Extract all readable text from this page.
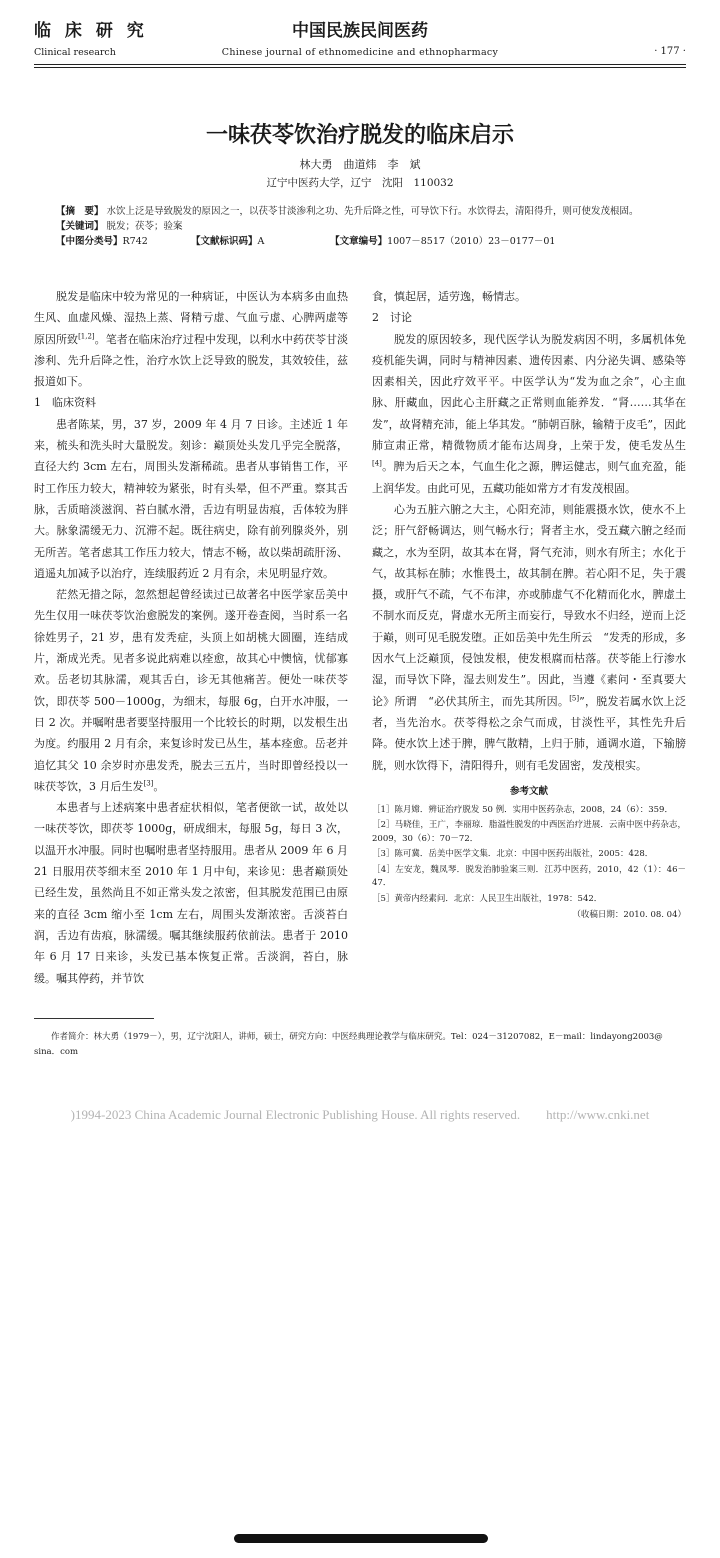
临 床 研 究
Clinical research
中国民族民间医药
Chinese journal of ethnomedicine and ethnopharmacy	· 177 ·
一味茯苓饮治疗脱发的临床启示
林大勇　曲道炜　李　斌
辽宁中医药大学，辽宁　沈阳　110032
【摘　要】 水饮上泛是导致脱发的原因之一，以茯苓甘淡渗利之功、先升后降之性，可导饮下行。水饮得去，清阳得升，则可使发茂根固。
【关键词】 脱发；茯苓；验案
【中图分类号】R742	【文献标识码】A	【文章编号】1007－8517（2010）23－0177－01

脱发是临床中较为常见的一种病证，中医认为本病多由血热生风、血虚风燥、湿热上蒸、肾精亏虚、气血亏虚、心脾两虚等原因所致[1,2]。笔者在临床治疗过程中发现，以利水中药茯苓甘淡渗利、先升后降之性，治疗水饮上泛导致的脱发，其效较佳，兹报道如下。

1　临床资料

患者陈某，男，37 岁，2009 年 4 月 7 日诊。主述近 1 年来，梳头和洗头时大量脱发。刻诊：巅顶处头发几乎完全脱落，直径大约 3cm 左右，周围头发渐稀疏。患者从事销售工作，平时工作压力较大，精神较为紧张，时有头晕，但不严重。察其舌脉，舌质暗淡滋润、苔白腻水滑，舌边有明显齿痕，舌体较为胖大。脉象濡缓无力、沉滞不起。既往病史，除有前列腺炎外，别无所苦。笔者虑其工作压力较大，情志不畅，故以柴胡疏肝汤、逍遥丸加减予以治疗，连续服药近 2 月有余，未见明显疗效。

茫然无措之际，忽然想起曾经读过已故著名中医学家岳美中先生仅用一味茯苓饮治愈脱发的案例。遂开卷查阅，当时系一名徐姓男子，21 岁，患有发秃症，头顶上如胡桃大圆圈，连结成片，渐成光秃。见者多说此病难以痊愈，故其心中懊恼，忧郁寡欢。岳老切其脉濡，观其舌白，诊无其他痛苦。便处一味茯苓饮，即茯苓 500－1000g，为细末，每服 6g，白开水冲服，一日 2 次。并嘱咐患者要坚持服用一个比较长的时期，以发根生出为度。约服用 2 月有余，来复诊时发已丛生，基本痊愈。岳老并追忆其父 10 余岁时亦患发秃，脱去三五片，当时即曾经投以一味茯苓饮，3 月后生发[3]。

本患者与上述病案中患者症状相似，笔者便欲一试，故处以一味茯苓饮，即茯苓 1000g，研成细末，每服 5g，每日 3 次，以温开水冲服。同时也嘱咐患者坚持服用。患者从 2009 年 6 月 21 日服用茯苓细末至 2010 年 1 月中旬，来诊见：患者巅顶处已经生发，虽然尚且不如正常头发之浓密，但其脱发范围已由原来的直径 3cm 缩小至 1cm 左右，周围头发渐浓密。舌淡苔白润，舌边有齿痕，脉濡缓。嘱其继续服药依前法。患者于 2010 年 6 月 17 日来诊，头发已基本恢复正常。舌淡润，苔白，脉缓。嘱其停药，并节饮

食，慎起居，适劳逸，畅情志。

2　讨论

脱发的原因较多，现代医学认为脱发病因不明，多属机体免疫机能失调，同时与精神因素、遗传因素、内分泌失调、感染等因素相关，因此疗效平平。中医学认为“发为血之余”，心主血脉、肝藏血，因此心主肝藏之正常则血能养发．“肾……其华在发”，故肾精充沛，能上华其发。“肺朝百脉，输精于皮毛”，因此肺宣肃正常，精微物质才能布达周身，上荣于发，使毛发丛生[4]。脾为后天之本，气血生化之源，脾运健志，则气血充盈，能上润华发。由此可见，五藏功能如常方才有发茂根固。

心为五脏六腑之大主，心阳充沛，则能震摄水饮，使水不上泛；肝气舒畅调达，则气畅水行；肾者主水，受五藏六腑之经而藏之，水为至阴，故其本在肾，肾气充沛，则水有所主；水化于气，故其标在肺；水惟畏土，故其制在脾。若心阳不足，失于震摄，或肝气不疏，气不布津，亦或肺虚气不化精而化水，脾虚土不制水而反克，肾虚水无所主而妄行，导致水不归经，逆而上泛于巅，则可见毛脱发堕。正如岳美中先生所云　“发秃的形成，多因水气上泛巅顶，侵蚀发根，使发根腐而枯落。茯苓能上行渗水湿，而导饮下降，湿去则发生”。因此，当遵《素问・至真要大论》所谓　“必伏其所主，而先其所因。[5]”，脱发若属水饮上泛者，当先治水。茯苓得松之余气而成，甘淡性平，其性先升后降。使水饮上述于脾，脾气散精，上归于肺，通调水道，下输膀胱，则水饮得下，清阳得升，则有毛发固密，发茂根实。

参考文献
［1］陈月嫦．辨证治疗脱发 50 例．实用中医药杂志，2008，24（6）：359．
［2］马晓佳，王广，李丽琼．脂溢性脱发的中西医治疗进展．云南中医中药杂志，2009，30（6）：70－72．
［3］陈可冀．岳美中医学文集．北京：中国中医药出版社，2005：428．
［4］左安龙，魏凤琴．脱发治肺验案三则．江苏中医药，2010，42（1）：46－47．
［5］黄帝内经素问．北京：人民卫生出版社，1978：542．
（收稿日期：2010. 08. 04）
作者简介：林大勇（1979－），男，辽宁沈阳人，讲师，硕士，研究方向：中医经典理论教学与临床研究。Tel：024－31207082，E－mail：lindayong2003@ sina．com
)1994-2023 China Academic Journal Electronic Publishing House. All rights reserved.　　http://www.cnki.net
